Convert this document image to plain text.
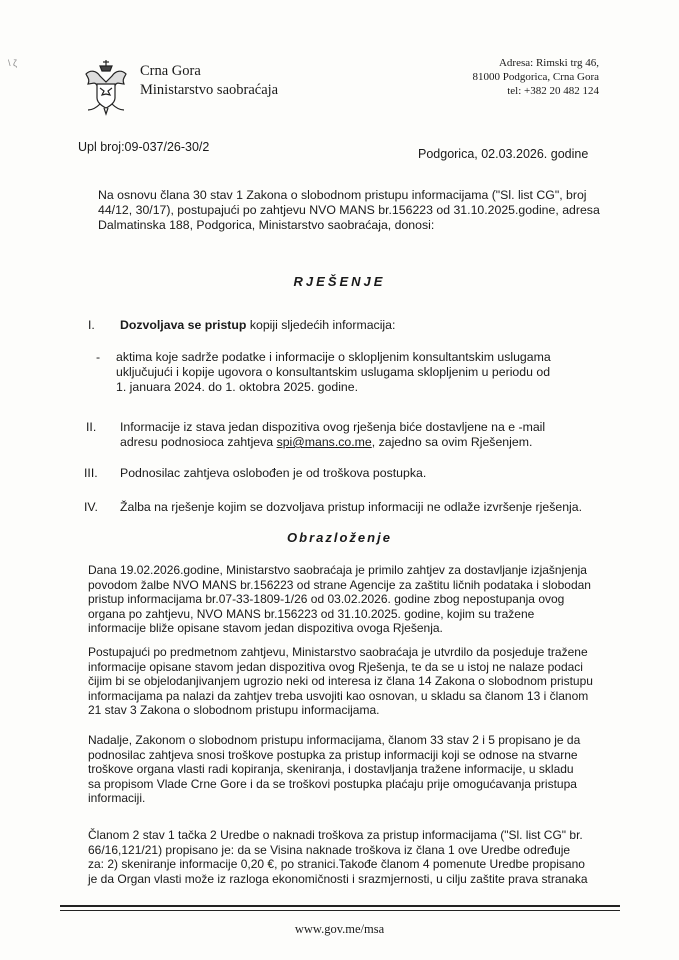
\ ζ	Crna Gora
Ministarstvo saobraćaja
Adresa: Rimski trg 46,
81000 Podgorica, Crna Gora
tel: +382 20 482 124
Upl broj:09-037/26-30/2	Podgorica, 02.03.2026. godine
Na osnovu člana 30 stav 1 Zakona o slobodnom pristupu informacijama ("Sl. list CG", broj
44/12, 30/17), postupajući po zahtjevu NVO MANS br.156223 od 31.10.2025.godine, adresa
Dalmatinska 188, Podgorica, Ministarstvo saobraćaja, donosi:
RJEŠENJE
I.	Dozvoljava se pristup kopiji sljedećih informacija:
- aktima koje sadrže podatke i informacije o sklopljenim konsultantskim uslugama
uključujući i kopije ugovora o konsultantskim uslugama sklopljenim u periodu od
1. januara 2024. do 1. oktobra 2025. godine.
II.	Informacije iz stava jedan dispozitiva ovog rješenja biće dostavljene na e -mail
adresu podnosioca zahtjeva spi@mans.co.me, zajedno sa ovim Rješenjem.
III.	Podnosilac zahtjeva oslobođen je od troškova postupka.
IV.	Žalba na rješenje kojim se dozvoljava pristup informaciji ne odlaže izvršenje rješenja.
Obrazloženje
Dana 19.02.2026.godine, Ministarstvo saobraćaja je primilo zahtjev za dostavljanje izjašnjenja
povodom žalbe NVO MANS br.156223 od strane Agencije za zaštitu ličnih podataka i slobodan
pristup informacijama br.07-33-1809-1/26 od 03.02.2026. godine zbog nepostupanja ovog
organa po zahtjevu, NVO MANS br.156223 od 31.10.2025. godine, kojim su tražene
informacije bliže opisane stavom jedan dispozitiva ovoga Rješenja.
Postupajući po predmetnom zahtjevu, Ministarstvo saobraćaja je utvrdilo da posjeduje tražene
informacije opisane stavom jedan dispozitiva ovog Rješenja, te da se u istoj ne nalaze podaci
čijim bi se objelodanjivanjem ugrozio neki od interesa iz člana 14 Zakona o slobodnom pristupu
informacijama pa nalazi da zahtjev treba usvojiti kao osnovan, u skladu sa članom 13 i članom
21 stav 3 Zakona o slobodnom pristupu informacijama.
Nadalje, Zakonom o slobodnom pristupu informacijama, članom 33 stav 2 i 5 propisano je da
podnosilac zahtjeva snosi troškove postupka za pristup informaciji koji se odnose na stvarne
troškove organa vlasti radi kopiranja, skeniranja, i dostavljanja tražene informacije, u skladu
sa propisom Vlade Crne Gore i da se troškovi postupka plaćaju prije omogućavanja pristupa
informaciji.
Članom 2 stav 1 tačka 2 Uredbe o naknadi troškova za pristup informacijama ("Sl. list CG" br.
66/16,121/21) propisano je: da se Visina naknade troškova iz člana 1 ove Uredbe određuje
za: 2) skeniranje informacije 0,20 €, po stranici.Takođe članom 4 pomenute Uredbe propisano
je da Organ vlasti može iz razloga ekonomičnosti i srazmjernosti, u cilju zaštite prava stranaka
www.gov.me/msa
